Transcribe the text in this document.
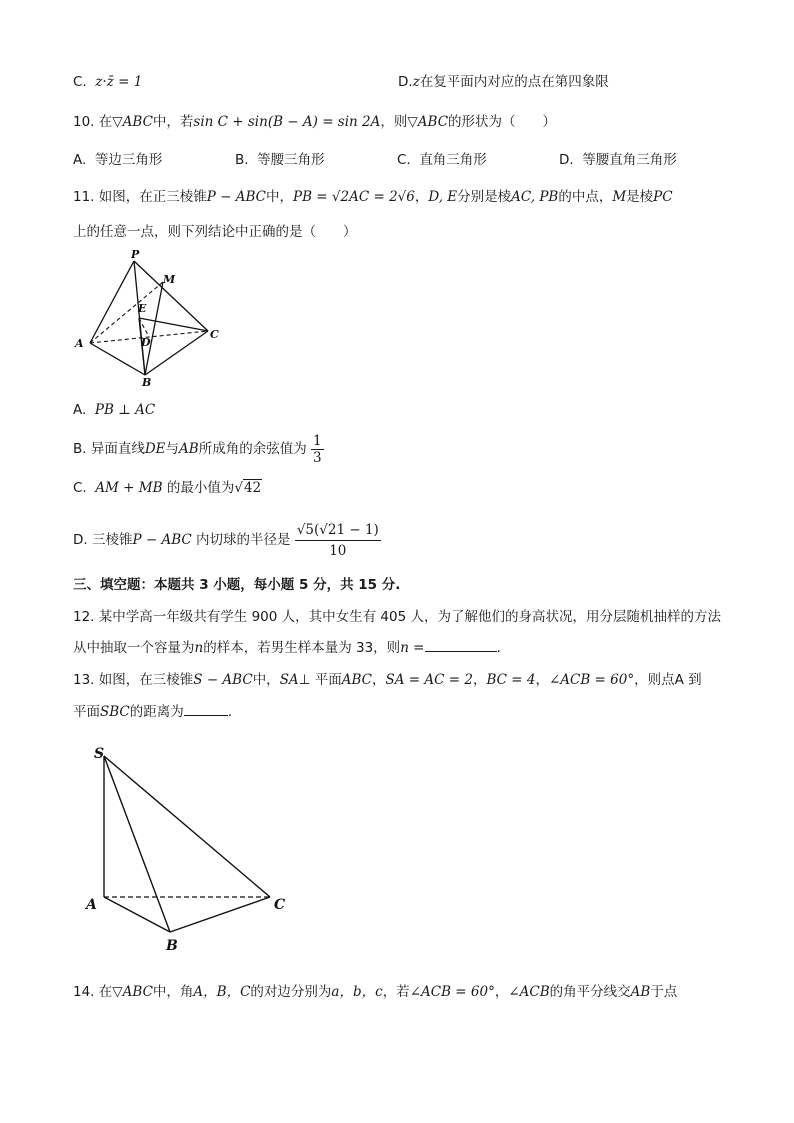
C. z·z̄ = 1	D.z在复平面内对应的点在第四象限
10. 在▽ABC中，若sin C + sin(B − A) = sin 2A，则▽ABC的形状为（　　）
A. 等边三角形	B. 等腰三角形	C. 直角三角形	D. 等腰直角三角形
11. 如图，在正三棱锥P − ABC中，PB = √2AC = 2√6，D, E分别是棱AC, PB的中点，M是棱PC
上的任意一点，则下列结论中正确的是（　　）
P
M
E
A	D
C
B
A. PB ⊥ AC
B. 异面直线DE与AB所成角的余弦值为 $\frac{1}{3}$
C. AM + MB 的最小值为√42
D. 三棱锥P − ABC 内切球的半径是 $\frac{√5(√21 - 1)}{10}$
三、填空题：本题共 3 小题，每小题 5 分，共 15 分.
12. 某中学高一年级共有学生 900 人，其中女生有 405 人，为了解他们的身高状况，用分层随机抽样的方法
从中抽取一个容量为n的样本，若男生样本量为 33，则n =	.
13. 如图，在三棱锥S − ABC中，SA⊥ 平面ABC，SA = AC = 2，BC = 4，∠ACB = 60°，则点A 到
平面SBC的距离为	.
S
A	C
B
14. 在▽ABC中，角A，B，C的对边分别为a，b，c，若∠ACB = 60°，∠ACB的角平分线交AB于点
